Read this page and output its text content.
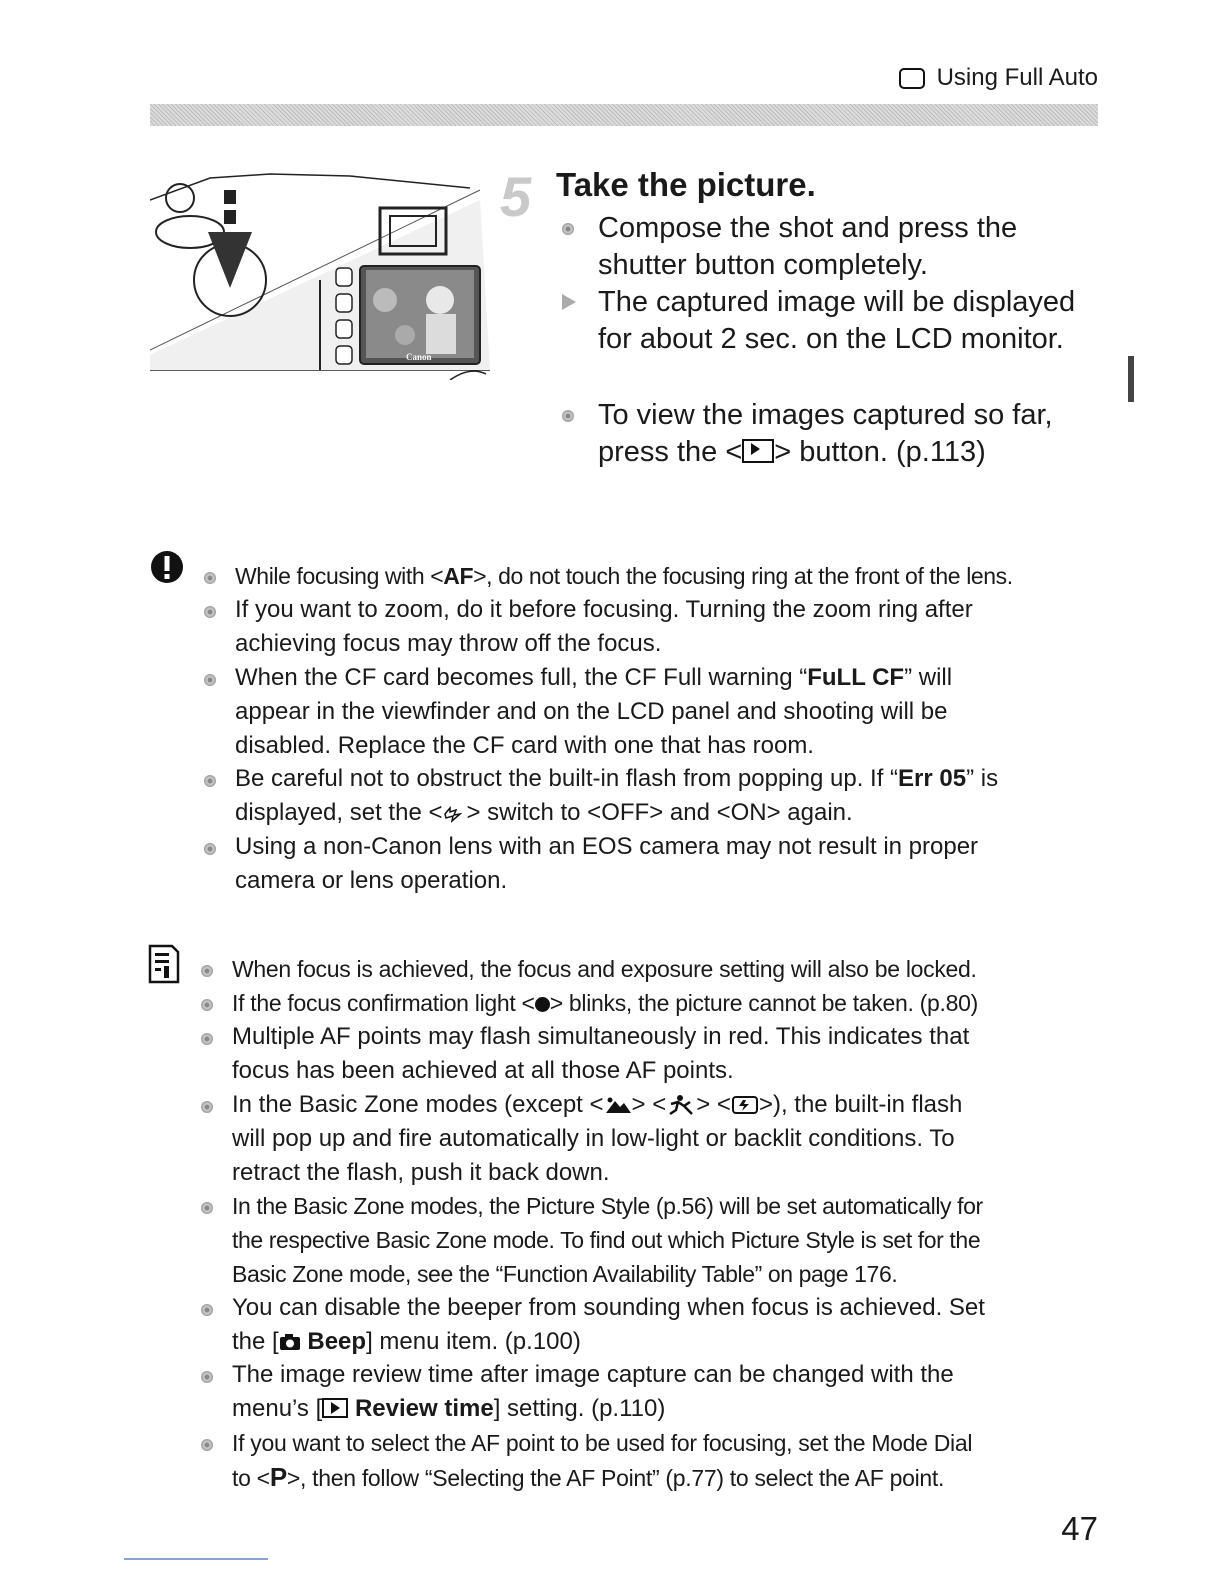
Using Full Auto
Canon
5 Take the picture.
Compose the shot and press the
shutter button completely.
The captured image will be displayed
for about 2 sec. on the LCD monitor.
To view the images captured so far,
press the < > button. (p.113)
While focusing with <AF>, do not touch the focusing ring at the front of the lens.
If you want to zoom, do it before focusing. Turning the zoom ring after
achieving focus may throw off the focus.
When the CF card becomes full, the CF Full warning “FuLL CF” will
appear in the viewfinder and on the LCD panel and shooting will be
disabled. Replace the CF card with one that has room.
Be careful not to obstruct the built-in flash from popping up. If “Err 05” is
displayed, set the < > switch to <OFF> and <ON> again.
Using a non-Canon lens with an EOS camera may not result in proper
camera or lens operation.
When focus is achieved, the focus and exposure setting will also be locked.
If the focus confirmation light < > blinks, the picture cannot be taken. (p.80)
Multiple AF points may flash simultaneously in red. This indicates that
focus has been achieved at all those AF points.
In the Basic Zone modes (except < > < > < >), the built-in flash
will pop up and fire automatically in low-light or backlit conditions. To
retract the flash, push it back down.
In the Basic Zone modes, the Picture Style (p.56) will be set automatically for
the respective Basic Zone mode. To find out which Picture Style is set for the
Basic Zone mode, see the “Function Availability Table” on page 176.
You can disable the beeper from sounding when focus is achieved. Set
the [ Beep] menu item. (p.100)
The image review time after image capture can be changed with the
menu’s [ Review time] setting. (p.110)
If you want to select the AF point to be used for focusing, set the Mode Dial
to <P>, then follow “Selecting the AF Point” (p.77) to select the AF point.
47
